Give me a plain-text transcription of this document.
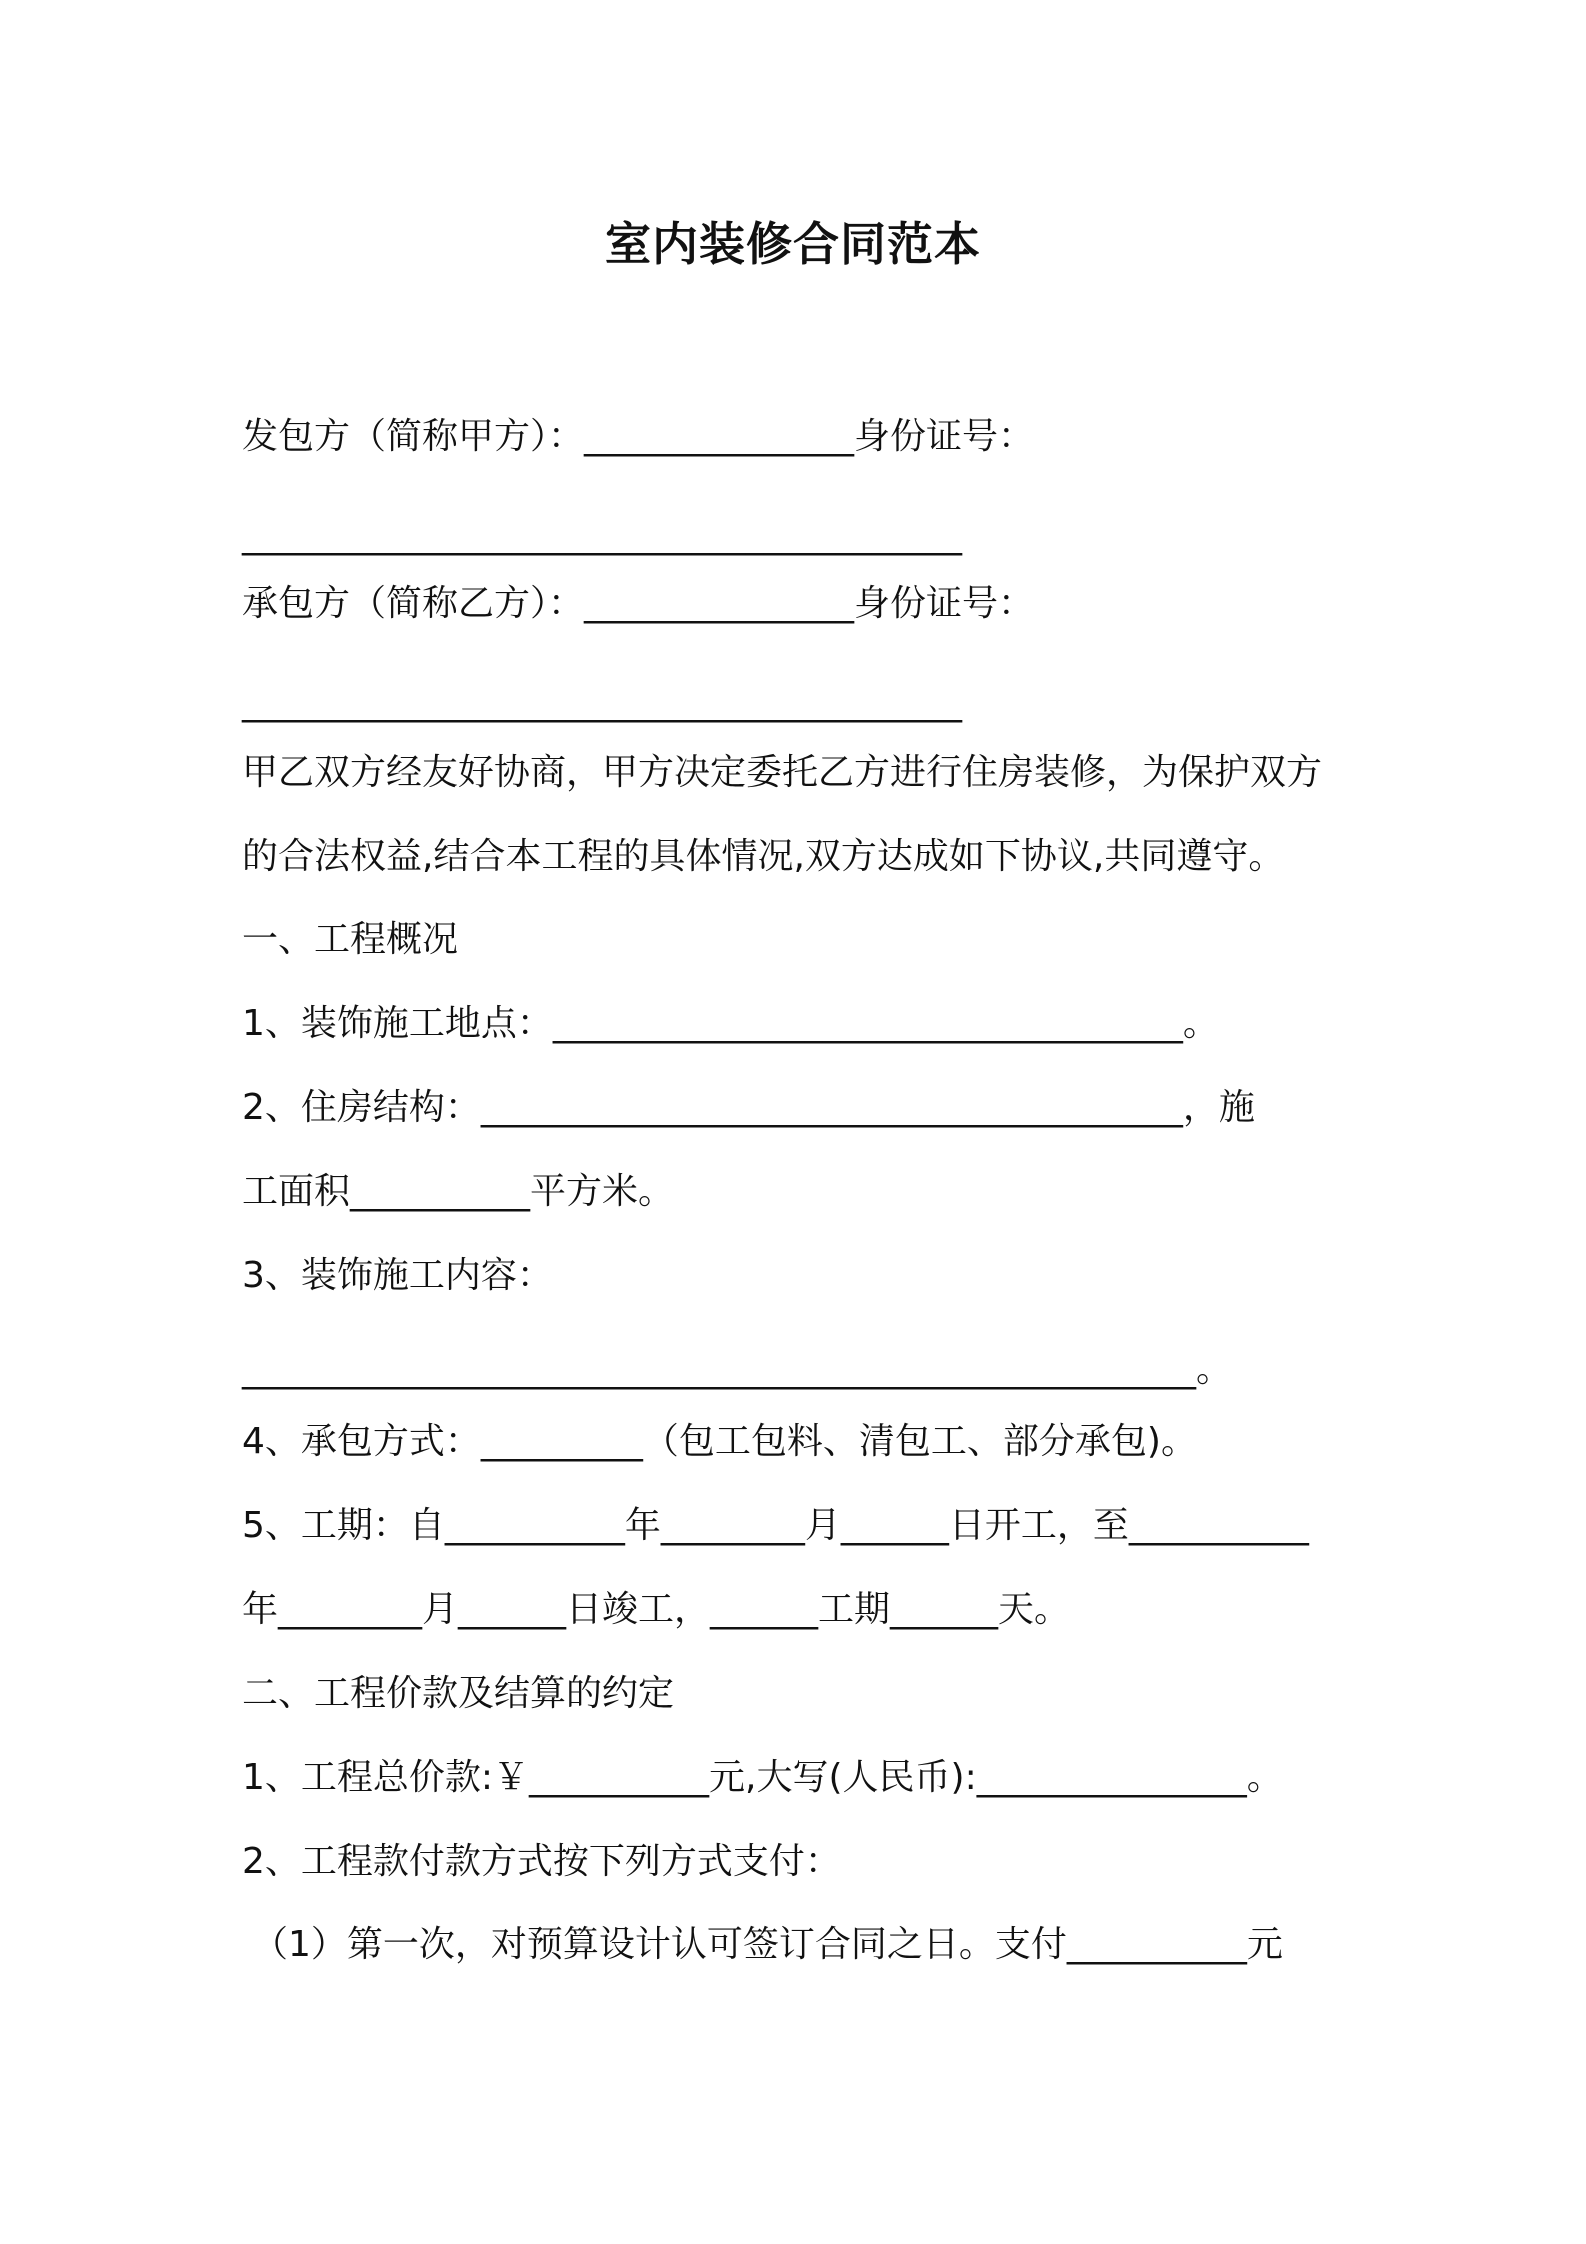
室内装修合同范本
发包方（简称甲方）：_______________身份证号：
________________________________________
承包方（简称乙方）：_______________身份证号：
________________________________________
甲乙双方经友好协商，甲方决定委托乙方进行住房装修，为保护双方
的合法权益,结合本工程的具体情况,双方达成如下协议,共同遵守。
一、工程概况
1、装饰施工地点：___________________________________。
2、住房结构：_______________________________________，施
工面积__________平方米。
3、装饰施工内容：
_____________________________________________________。
4、承包方式：_________（包工包料、清包工、部分承包)。
5、工期：自__________年________月______日开工，至__________
年________月______日竣工，______工期______天。
二、工程价款及结算的约定
1、工程总价款:￥__________元,大写(人民币):_______________。
2、工程款付款方式按下列方式支付：
（1）第一次，对预算设计认可签订合同之日。支付__________元
